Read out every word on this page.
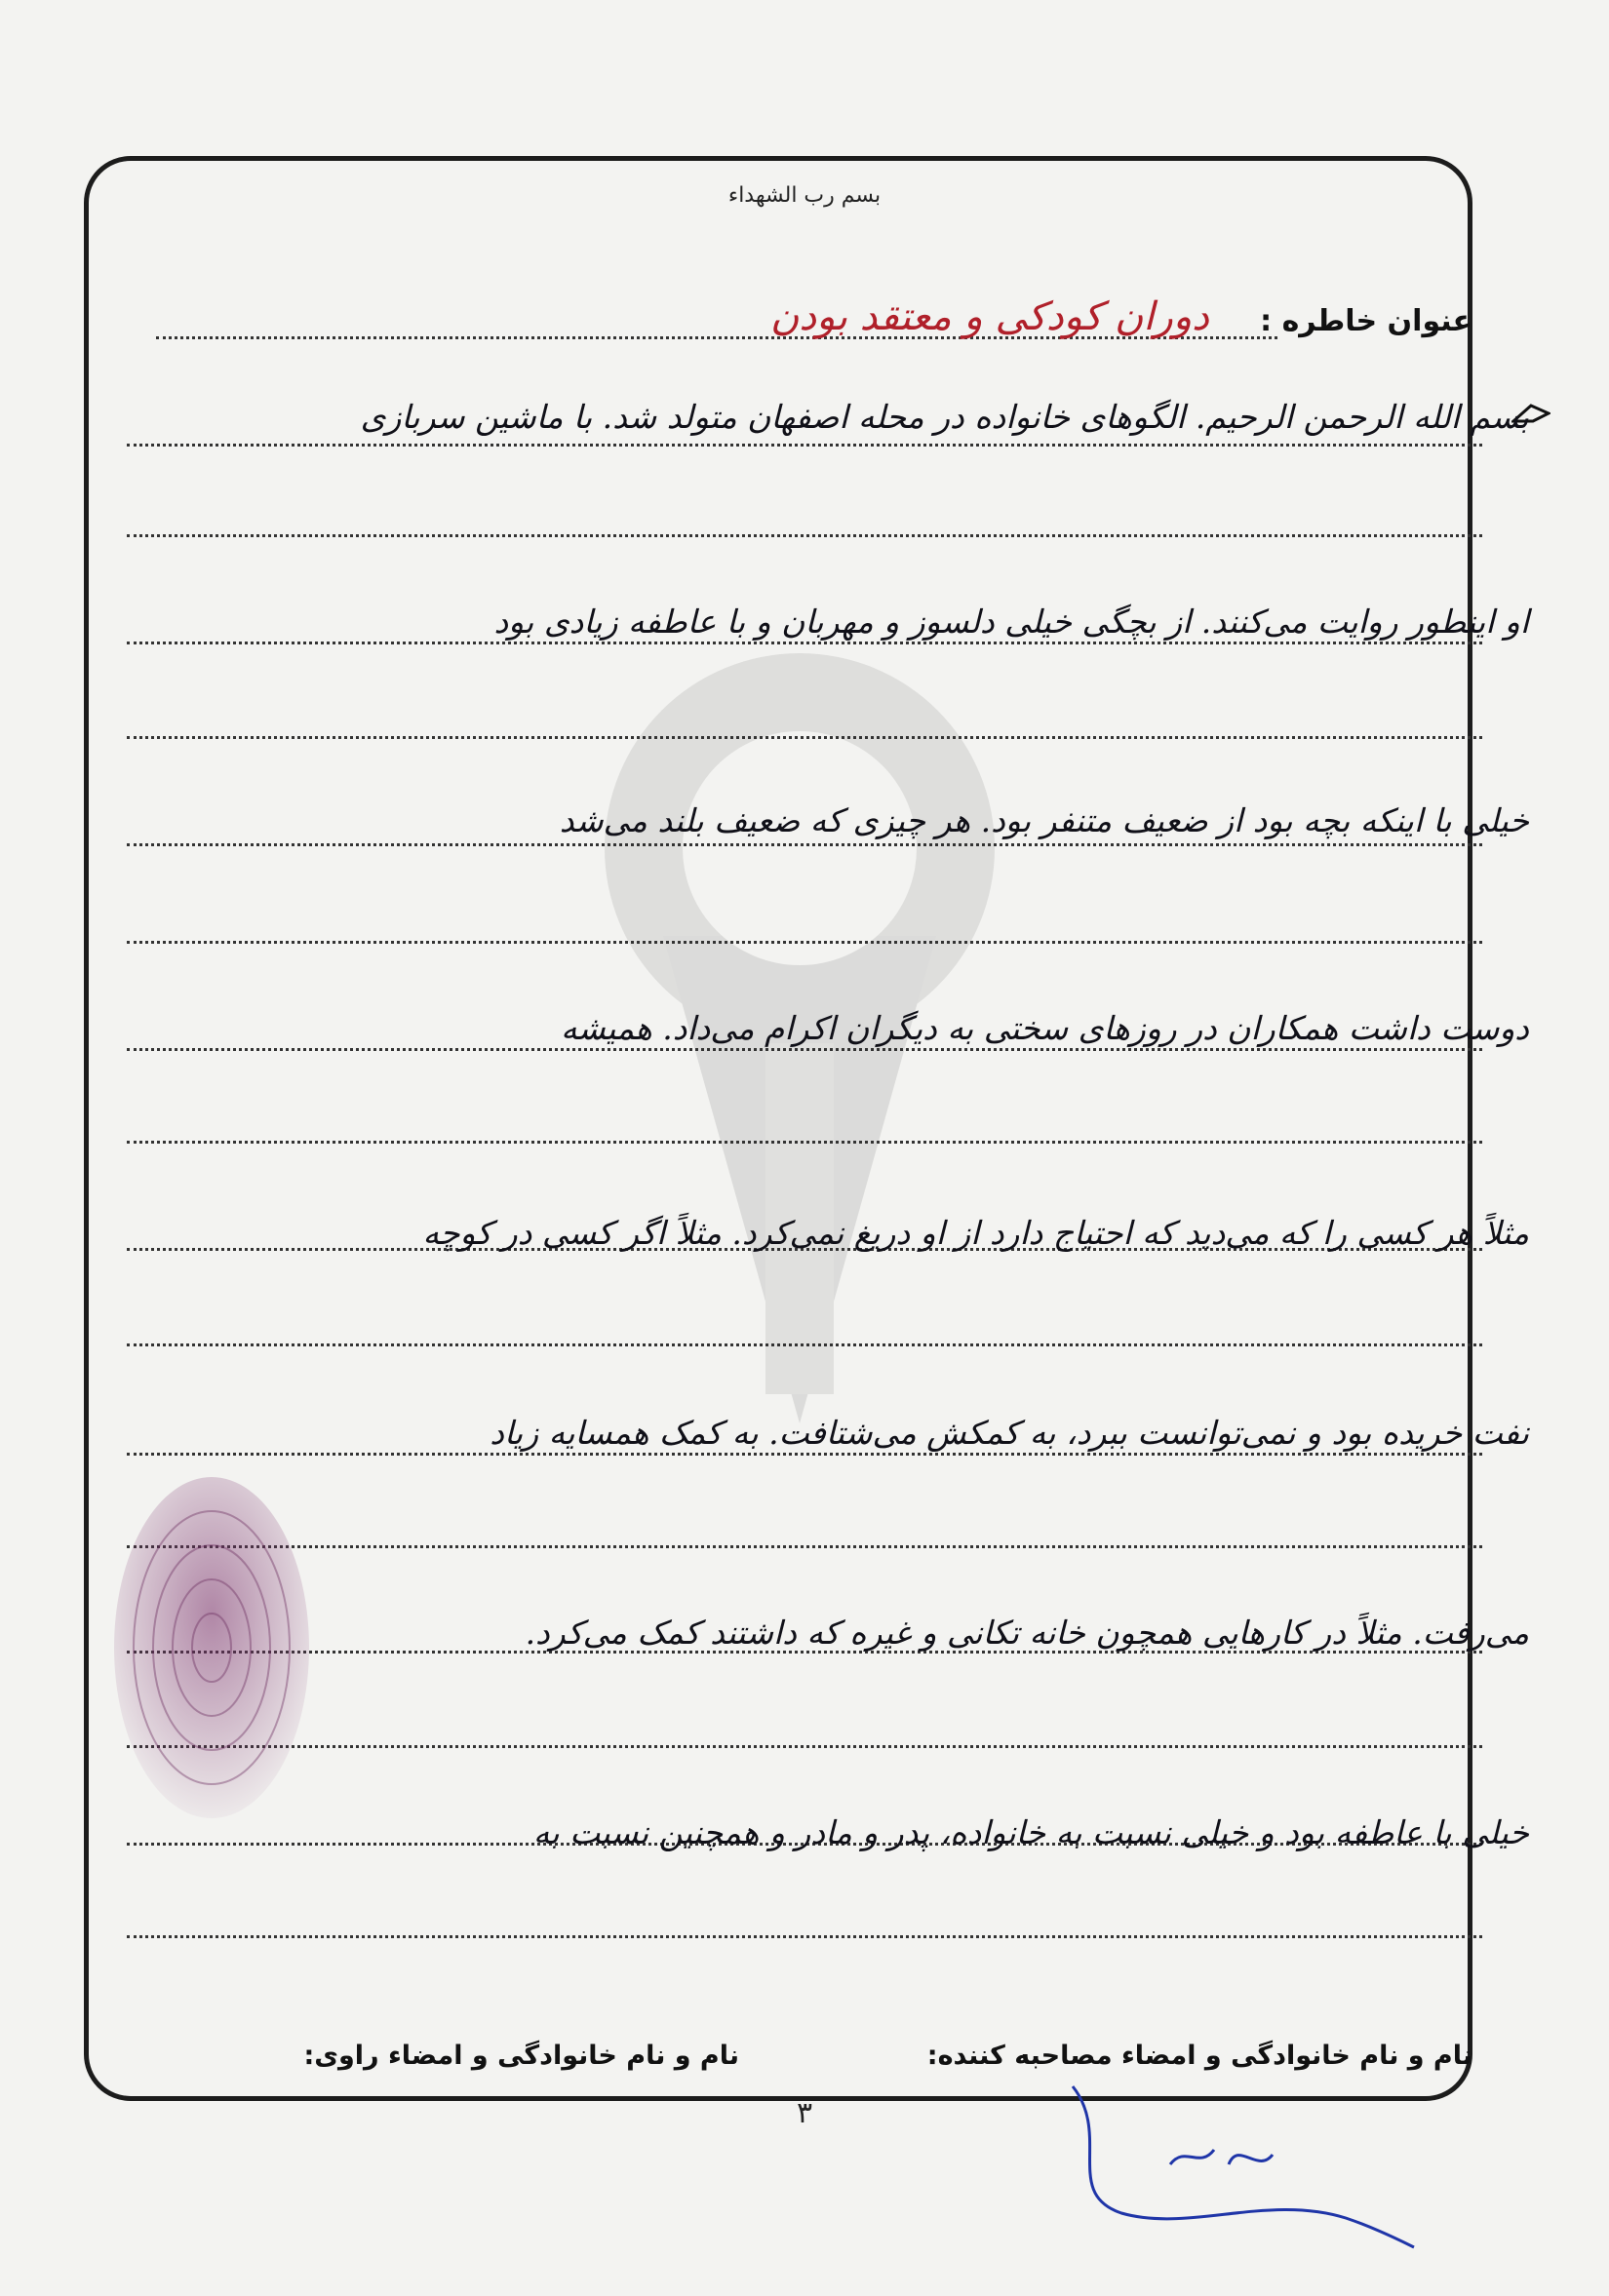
بسم رب الشهداء
عنوان خاطره :
دوران کودکی و معتقد بودن
بسم الله الرحمن الرحیم. الگوهای خانواده در محله اصفهان متولد شد. با ماشین سربازی
او اینطور روایت می‌کنند. از بچگی خیلی دلسوز و مهربان و با عاطفه زیادی بود
خیلی با اینکه بچه بود از ضعیف متنفر بود. هر چیزی که ضعیف بلند می‌شد
دوست داشت همکاران در روزهای سختی به دیگران اکرام می‌داد. همیشه
مثلاً هر کسی را که می‌دید که احتیاج دارد از او دریغ نمی‌کرد. مثلاً اگر کسی در کوچه
نفت خریده بود و نمی‌توانست ببرد، به کمکش می‌شتافت. به کمک همسایه زیاد
می‌رفت. مثلاً در کارهایی همچون خانه تکانی و غیره که داشتند کمک می‌کرد.
خیلی با عاطفه بود و خیلی نسبت به خانواده، پدر و مادر و همچنین نسبت به
نام و نام خانوادگی و امضاء مصاحبه کننده:
نام و نام خانوادگی و امضاء راوی:
۳
